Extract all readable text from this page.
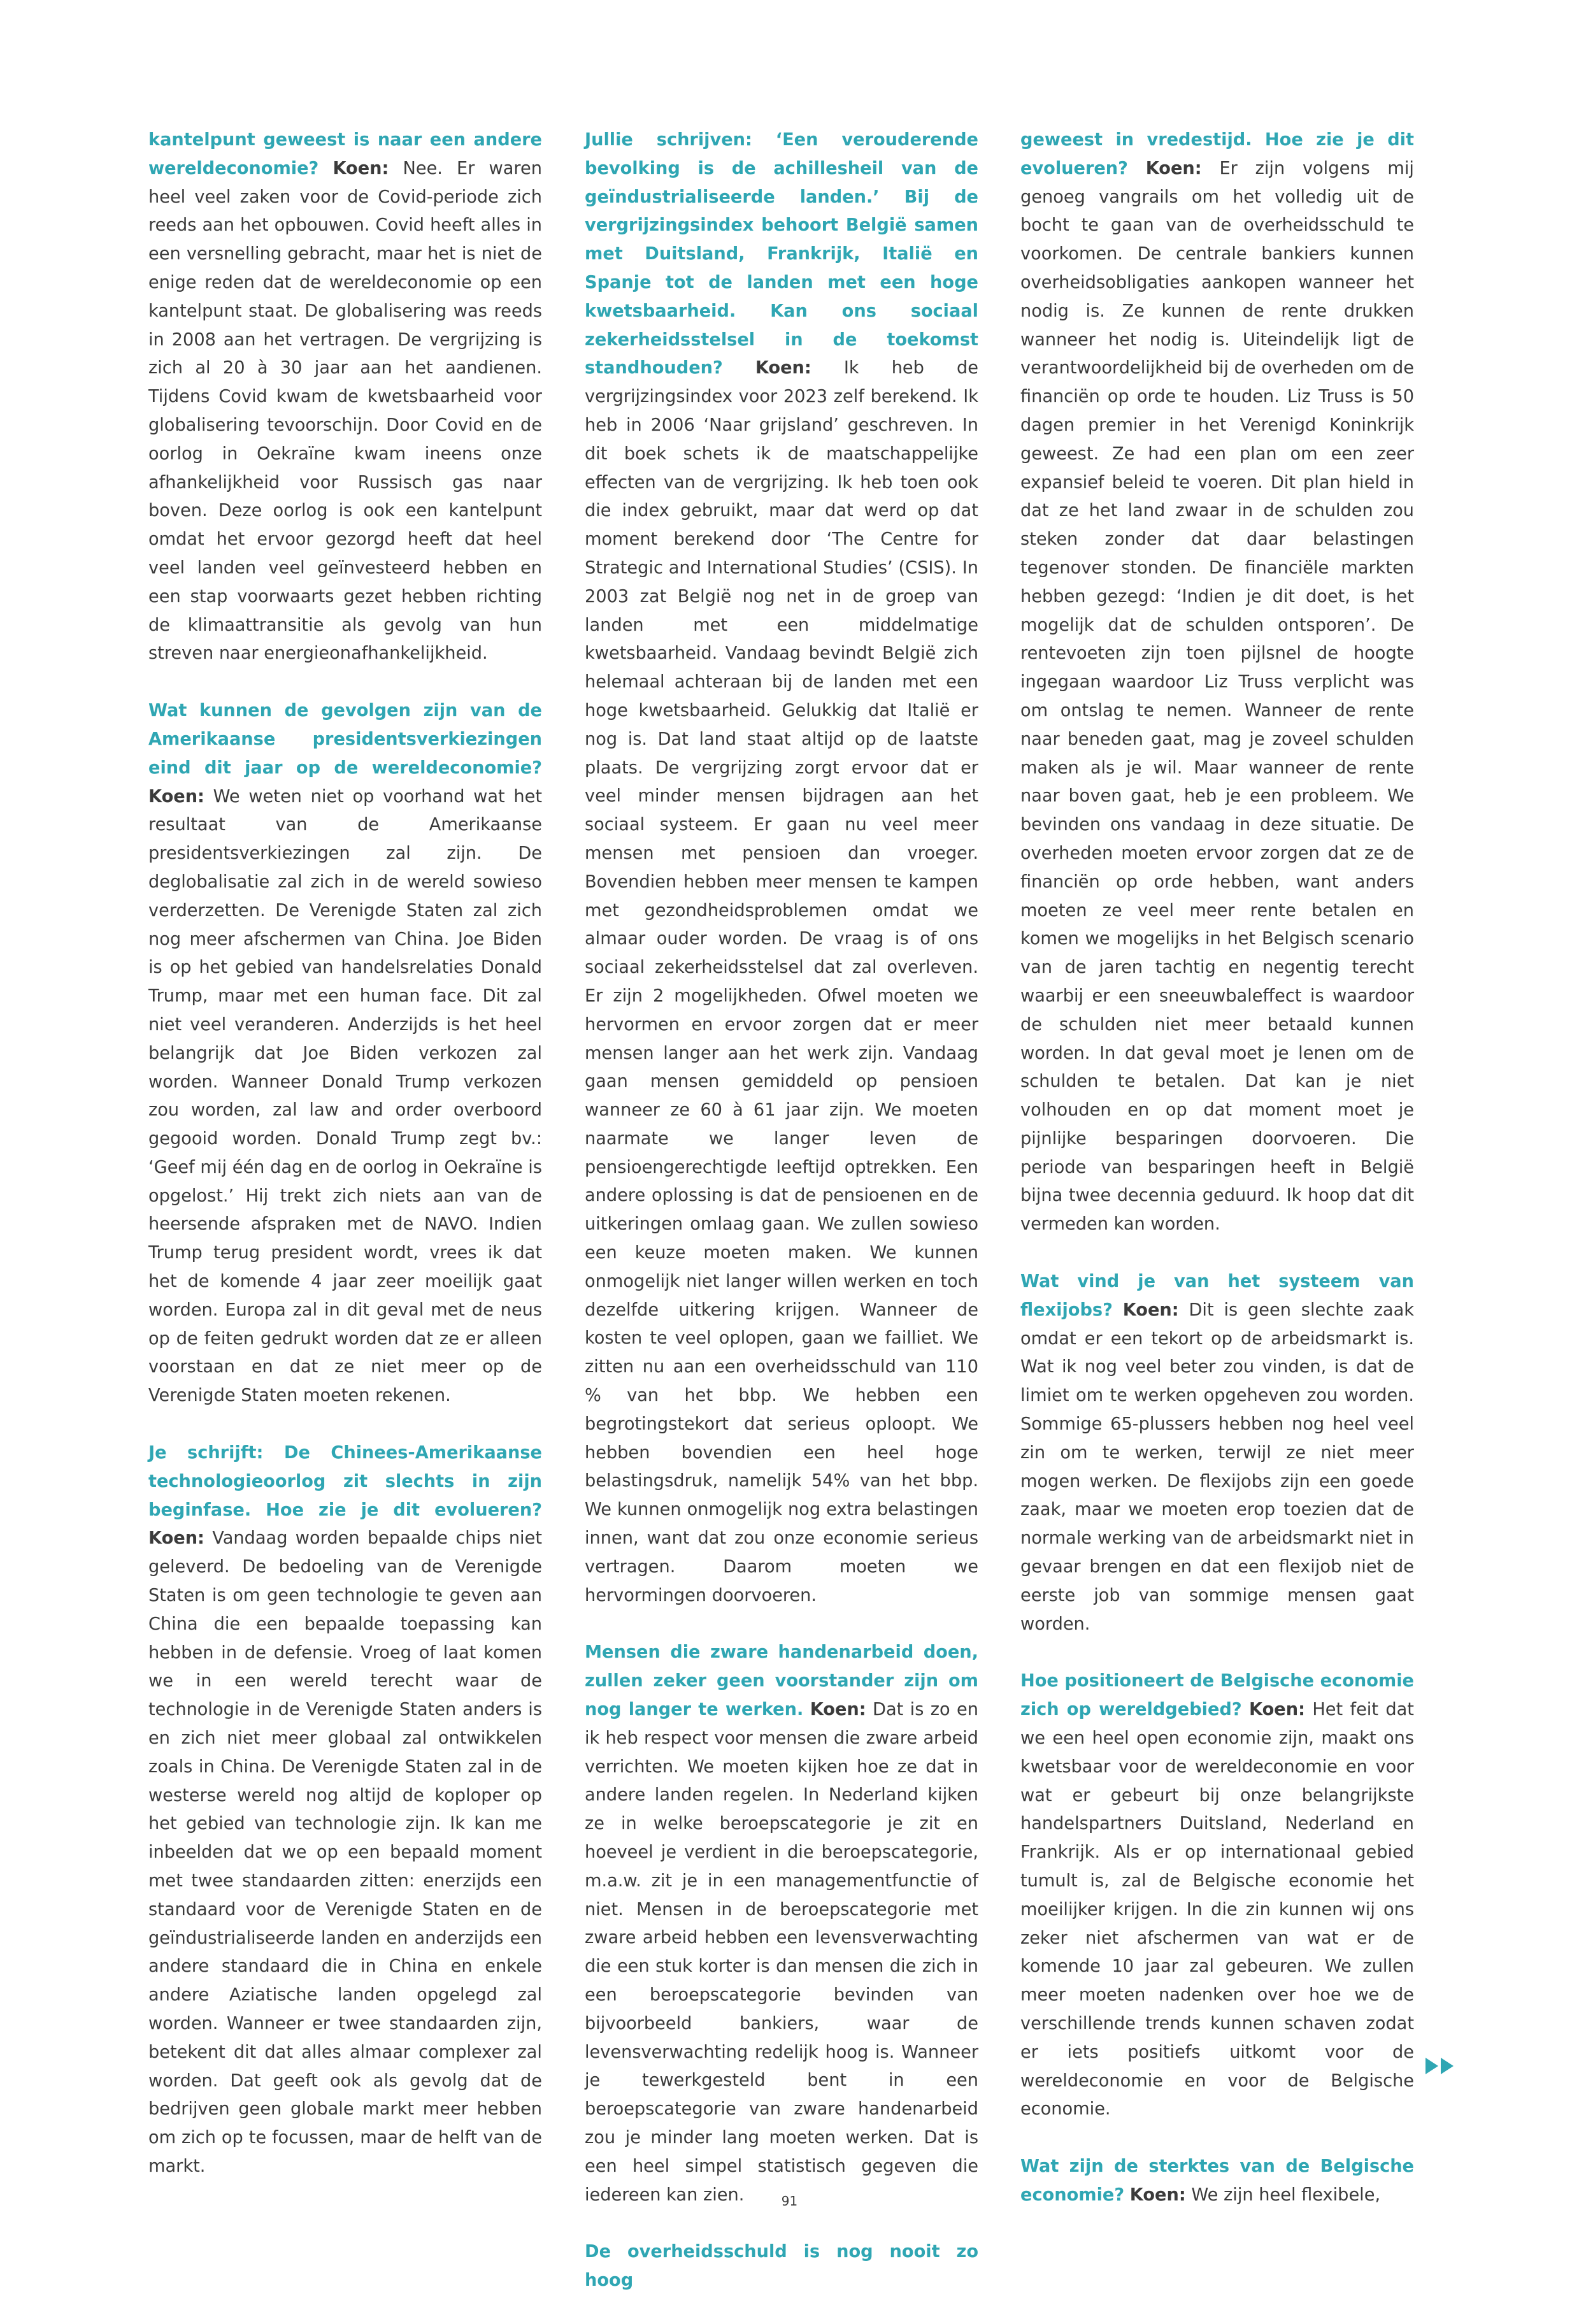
kantelpunt geweest is naar een andere wereldeconomie? Koen: Nee. Er waren heel veel zaken voor de Covid-periode zich reeds aan het opbouwen. Covid heeft alles in een versnelling gebracht, maar het is niet de enige reden dat de wereldeconomie op een kantelpunt staat. De globalisering was reeds in 2008 aan het vertragen. De vergrijzing is zich al 20 à 30 jaar aan het aandienen. Tijdens Covid kwam de kwetsbaarheid voor globalisering tevoorschijn. Door Covid en de oorlog in Oekraïne kwam ineens onze afhankelijkheid voor Russisch gas naar boven. Deze oorlog is ook een kantelpunt omdat het ervoor gezorgd heeft dat heel veel landen veel geïnvesteerd hebben en een stap voorwaarts gezet hebben richting de klimaattransitie als gevolg van hun streven naar energieonafhankelijkheid.

Wat kunnen de gevolgen zijn van de Amerikaanse presidentsverkiezingen eind dit jaar op de wereldeconomie? Koen: We weten niet op voorhand wat het resultaat van de Amerikaanse presidentsverkiezingen zal zijn. De deglobalisatie zal zich in de wereld sowieso verderzetten. De Verenigde Staten zal zich nog meer afschermen van China. Joe Biden is op het gebied van handelsrelaties Donald Trump, maar met een human face. Dit zal niet veel veranderen. Anderzijds is het heel belangrijk dat Joe Biden verkozen zal worden. Wanneer Donald Trump verkozen zou worden, zal law and order overboord gegooid worden. Donald Trump zegt bv.: ‘Geef mij één dag en de oorlog in Oekraïne is opgelost.’ Hij trekt zich niets aan van de heersende afspraken met de NAVO. Indien Trump terug president wordt, vrees ik dat het de komende 4 jaar zeer moeilijk gaat worden. Europa zal in dit geval met de neus op de feiten gedrukt worden dat ze er alleen voorstaan en dat ze niet meer op de Verenigde Staten moeten rekenen.

Je schrijft: De Chinees-Amerikaanse technologieoorlog zit slechts in zijn beginfase. Hoe zie je dit evolueren? Koen: Vandaag worden bepaalde chips niet geleverd. De bedoeling van de Verenigde Staten is om geen technologie te geven aan China die een bepaalde toepassing kan hebben in de defensie. Vroeg of laat komen we in een wereld terecht waar de technologie in de Verenigde Staten anders is en zich niet meer globaal zal ontwikkelen zoals in China. De Verenigde Staten zal in de westerse wereld nog altijd de koploper op het gebied van technologie zijn. Ik kan me inbeelden dat we op een bepaald moment met twee standaarden zitten: enerzijds een standaard voor de Verenigde Staten en de geïndustrialiseerde landen en anderzijds een andere standaard die in China en enkele andere Aziatische landen opgelegd zal worden. Wanneer er twee standaarden zijn, betekent dit dat alles almaar complexer zal worden. Dat geeft ook als gevolg dat de bedrijven geen globale markt meer hebben om zich op te focussen, maar de helft van de markt.

Jullie schrijven: ‘Een verouderende bevolking is de achillesheil van de geïndustrialiseerde landen.’ Bij de vergrijzingsindex behoort België samen met Duitsland, Frankrijk, Italië en Spanje tot de landen met een hoge kwetsbaarheid. Kan ons sociaal zekerheidsstelsel in de toekomst standhouden? Koen: Ik heb de vergrijzingsindex voor 2023 zelf berekend. Ik heb in 2006 ‘Naar grijsland’ geschreven. In dit boek schets ik de maatschappelijke effecten van de vergrijzing. Ik heb toen ook die index gebruikt, maar dat werd op dat moment berekend door ‘The Centre for Strategic and International Studies’ (CSIS). In 2003 zat België nog net in de groep van landen met een middelmatige kwetsbaarheid. Vandaag bevindt België zich helemaal achteraan bij de landen met een hoge kwetsbaarheid. Gelukkig dat Italië er nog is. Dat land staat altijd op de laatste plaats. De vergrijzing zorgt ervoor dat er veel minder mensen bijdragen aan het sociaal systeem. Er gaan nu veel meer mensen met pensioen dan vroeger. Bovendien hebben meer mensen te kampen met gezondheidsproblemen omdat we almaar ouder worden. De vraag is of ons sociaal zekerheidsstelsel dat zal overleven. Er zijn 2 mogelijkheden. Ofwel moeten we hervormen en ervoor zorgen dat er meer mensen langer aan het werk zijn. Vandaag gaan mensen gemiddeld op pensioen wanneer ze 60 à 61 jaar zijn. We moeten naarmate we langer leven de pensioengerechtigde leeftijd optrekken. Een andere oplossing is dat de pensioenen en de uitkeringen omlaag gaan. We zullen sowieso een keuze moeten maken. We kunnen onmogelijk niet langer willen werken en toch dezelfde uitkering krijgen. Wanneer de kosten te veel oplopen, gaan we failliet. We zitten nu aan een overheidsschuld van 110 % van het bbp. We hebben een begrotingstekort dat serieus oploopt. We hebben bovendien een heel hoge belastingsdruk, namelijk 54% van het bbp. We kunnen onmogelijk nog extra belastingen innen, want dat zou onze economie serieus vertragen. Daarom moeten we hervormingen doorvoeren.

Mensen die zware handenarbeid doen, zullen zeker geen voorstander zijn om nog langer te werken. Koen: Dat is zo en ik heb respect voor mensen die zware arbeid verrichten. We moeten kijken hoe ze dat in andere landen regelen. In Nederland kijken ze in welke beroepscategorie je zit en hoeveel je verdient in die beroepscategorie, m.a.w. zit je in een managementfunctie of niet. Mensen in de beroepscategorie met zware arbeid hebben een levensverwachting die een stuk korter is dan mensen die zich in een beroepscategorie bevinden van bijvoorbeeld bankiers, waar de levensverwachting redelijk hoog is. Wanneer je tewerkgesteld bent in een beroepscategorie van zware handenarbeid zou je minder lang moeten werken. Dat is een heel simpel statistisch gegeven die iedereen kan zien.

De overheidsschuld is nog nooit zo hoog

geweest in vredestijd. Hoe zie je dit evolueren? Koen: Er zijn volgens mij genoeg vangrails om het volledig uit de bocht te gaan van de overheidsschuld te voorkomen. De centrale bankiers kunnen overheidsobligaties aankopen wanneer het nodig is. Ze kunnen de rente drukken wanneer het nodig is. Uiteindelijk ligt de verantwoordelijkheid bij de overheden om de financiën op orde te houden. Liz Truss is 50 dagen premier in het Verenigd Koninkrijk geweest. Ze had een plan om een zeer expansief beleid te voeren. Dit plan hield in dat ze het land zwaar in de schulden zou steken zonder dat daar belastingen tegenover stonden. De financiële markten hebben gezegd: ‘Indien je dit doet, is het mogelijk dat de schulden ontsporen’. De rentevoeten zijn toen pijlsnel de hoogte ingegaan waardoor Liz Truss verplicht was om ontslag te nemen. Wanneer de rente naar beneden gaat, mag je zoveel schulden maken als je wil. Maar wanneer de rente naar boven gaat, heb je een probleem. We bevinden ons vandaag in deze situatie. De overheden moeten ervoor zorgen dat ze de financiën op orde hebben, want anders moeten ze veel meer rente betalen en komen we mogelijks in het Belgisch scenario van de jaren tachtig en negentig terecht waarbij er een sneeuwbaleffect is waardoor de schulden niet meer betaald kunnen worden. In dat geval moet je lenen om de schulden te betalen. Dat kan je niet volhouden en op dat moment moet je pijnlijke besparingen doorvoeren. Die periode van besparingen heeft in België bijna twee decennia geduurd. Ik hoop dat dit vermeden kan worden.

Wat vind je van het systeem van flexijobs? Koen: Dit is geen slechte zaak omdat er een tekort op de arbeidsmarkt is. Wat ik nog veel beter zou vinden, is dat de limiet om te werken opgeheven zou worden. Sommige 65-plussers hebben nog heel veel zin om te werken, terwijl ze niet meer mogen werken. De flexijobs zijn een goede zaak, maar we moeten erop toezien dat de normale werking van de arbeidsmarkt niet in gevaar brengen en dat een flexijob niet de eerste job van sommige mensen gaat worden.

Hoe positioneert de Belgische economie zich op wereldgebied? Koen: Het feit dat we een heel open economie zijn, maakt ons kwetsbaar voor de wereldeconomie en voor wat er gebeurt bij onze belangrijkste handelspartners Duitsland, Nederland en Frankrijk. Als er op internationaal gebied tumult is, zal de Belgische economie het moeilijker krijgen. In die zin kunnen wij ons zeker niet afschermen van wat er de komende 10 jaar zal gebeuren. We zullen meer moeten nadenken over hoe we de verschillende trends kunnen schaven zodat er iets positiefs uitkomt voor de wereldeconomie en voor de Belgische economie.

Wat zijn de sterktes van de Belgische economie? Koen: We zijn heel flexibele,

91
